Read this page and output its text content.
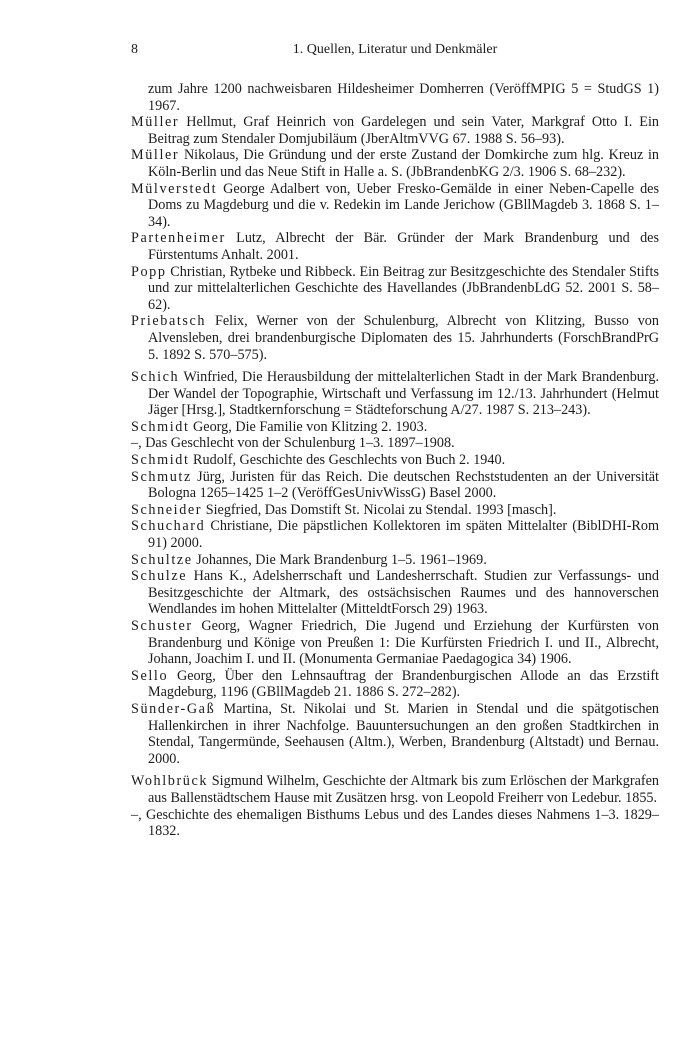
8	1. Quellen, Literatur und Denkmäler

zum Jahre 1200 nachweisbaren Hildesheimer Domherren (VeröffMPIG 5 = StudGS 1) 1967.

Müller Hellmut, Graf Heinrich von Gardelegen und sein Vater, Markgraf Otto I. Ein Beitrag zum Stendaler Domjubiläum (JberAltmVVG 67. 1988 S. 56–93).

Müller Nikolaus, Die Gründung und der erste Zustand der Domkirche zum hlg. Kreuz in Köln-Berlin und das Neue Stift in Halle a. S. (JbBrandenbKG 2/3. 1906 S. 68–232).

Mülverstedt George Adalbert von, Ueber Fresko-Gemälde in einer Neben-Capelle des Doms zu Magdeburg und die v. Redekin im Lande Jerichow (GBllMagdeb 3. 1868 S. 1–34).

Partenheimer Lutz, Albrecht der Bär. Gründer der Mark Brandenburg und des Fürstentums Anhalt. 2001.

Popp Christian, Rytbeke und Ribbeck. Ein Beitrag zur Besitzgeschichte des Stendaler Stifts und zur mittelalterlichen Geschichte des Havellandes (JbBrandenbLdG 52. 2001 S. 58–62).

Priebatsch Felix, Werner von der Schulenburg, Albrecht von Klitzing, Busso von Alvensleben, drei brandenburgische Diplomaten des 15. Jahrhunderts (ForschBrandPrG 5. 1892 S. 570–575).

Schich Winfried, Die Herausbildung der mittelalterlichen Stadt in der Mark Brandenburg. Der Wandel der Topographie, Wirtschaft und Verfassung im 12./13. Jahrhundert (Helmut Jäger [Hrsg.], Stadtkernforschung = Städteforschung A/27. 1987 S. 213–243).

Schmidt Georg, Die Familie von Klitzing 2. 1903.

–, Das Geschlecht von der Schulenburg 1–3. 1897–1908.

Schmidt Rudolf, Geschichte des Geschlechts von Buch 2. 1940.

Schmutz Jürg, Juristen für das Reich. Die deutschen Rechststudenten an der Universität Bologna 1265–1425 1–2 (VeröffGesUnivWissG) Basel 2000.

Schneider Siegfried, Das Domstift St. Nicolai zu Stendal. 1993 [masch].

Schuchard Christiane, Die päpstlichen Kollektoren im späten Mittelalter (BiblDHI-Rom 91) 2000.

Schultze Johannes, Die Mark Brandenburg 1–5. 1961–1969.

Schulze Hans K., Adelsherrschaft und Landesherrschaft. Studien zur Verfassungs- und Besitzgeschichte der Altmark, des ostsächsischen Raumes und des hannoverschen Wendlandes im hohen Mittelalter (MitteldtForsch 29) 1963.

Schuster Georg, Wagner Friedrich, Die Jugend und Erziehung der Kurfürsten von Brandenburg und Könige von Preußen 1: Die Kurfürsten Friedrich I. und II., Albrecht, Johann, Joachim I. und II. (Monumenta Germaniae Paedagogica 34) 1906.

Sello Georg, Über den Lehnsauftrag der Brandenburgischen Allode an das Erzstift Magdeburg, 1196 (GBllMagdeb 21. 1886 S. 272–282).

Sünder-Gaß Martina, St. Nikolai und St. Marien in Stendal und die spätgotischen Hallenkirchen in ihrer Nachfolge. Bauuntersuchungen an den großen Stadtkirchen in Stendal, Tangermünde, Seehausen (Altm.), Werben, Brandenburg (Altstadt) und Bernau. 2000.

Wohlbrück Sigmund Wilhelm, Geschichte der Altmark bis zum Erlöschen der Markgrafen aus Ballenstädtschem Hause mit Zusätzen hrsg. von Leopold Freiherr von Ledebur. 1855.

–, Geschichte des ehemaligen Bisthums Lebus und des Landes dieses Nahmens 1–3. 1829–1832.
